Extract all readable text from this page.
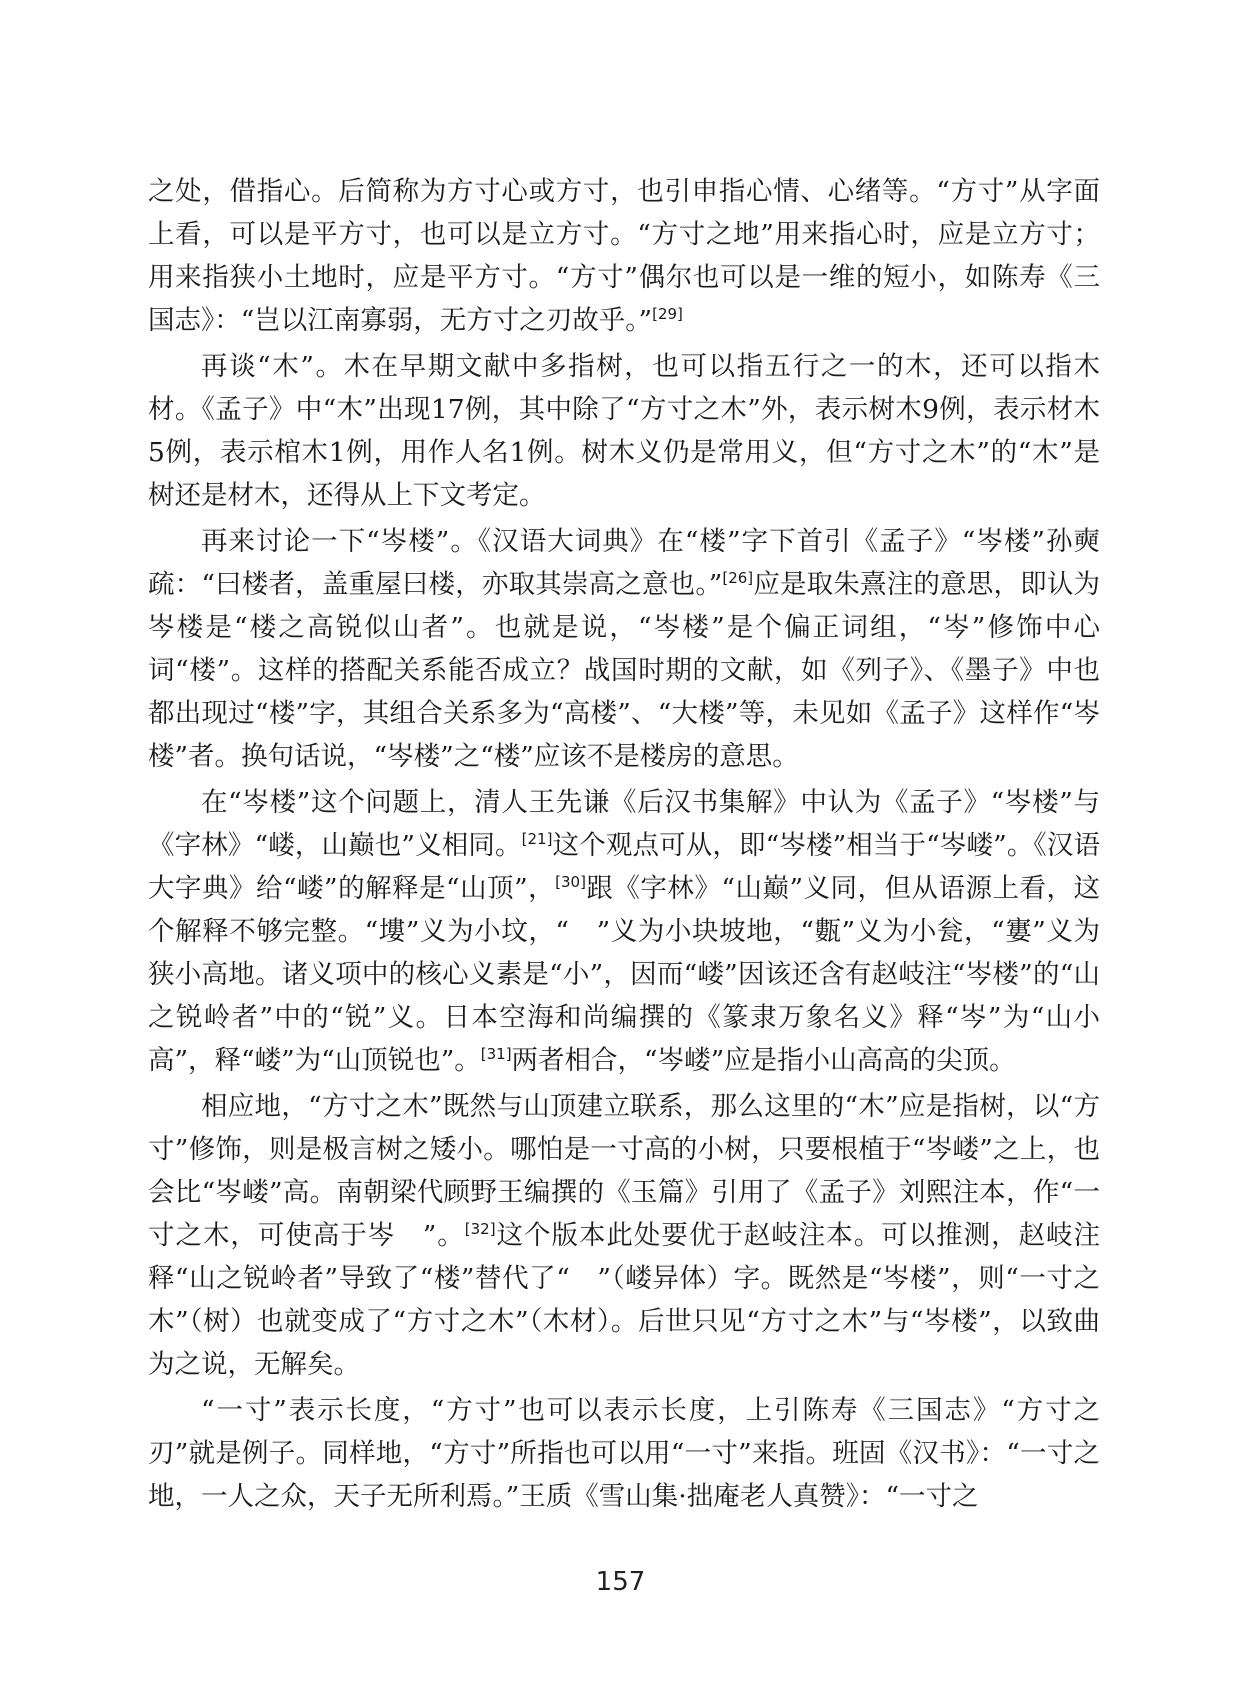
之处，借指心。后简称为方寸心或方寸，也引申指心情、心绪等。“方寸”从字面上看，可以是平方寸，也可以是立方寸。“方寸之地”用来指心时，应是立方寸；用来指狭小土地时，应是平方寸。“方寸”偶尔也可以是一维的短小，如陈寿《三国志》：“岂以江南寡弱，无方寸之刃故乎。”[29]

再谈“木”。木在早期文献中多指树，也可以指五行之一的木，还可以指木材。《孟子》中“木”出现17例，其中除了“方寸之木”外，表示树木9例，表示材木5例，表示棺木1例，用作人名1例。树木义仍是常用义，但“方寸之木”的“木”是树还是材木，还得从上下文考定。

再来讨论一下“岑楼”。《汉语大词典》在“楼”字下首引《孟子》“岑楼”孙奭疏：“曰楼者，盖重屋曰楼，亦取其崇高之意也。”[26]应是取朱熹注的意思，即认为岑楼是“楼之高锐似山者”。也就是说，“岑楼”是个偏正词组，“岑”修饰中心词“楼”。这样的搭配关系能否成立？战国时期的文献，如《列子》、《墨子》中也都出现过“楼”字，其组合关系多为“高楼”、“大楼”等，未见如《孟子》这样作“岑楼”者。换句话说，“岑楼”之“楼”应该不是楼房的意思。

在“岑楼”这个问题上，清人王先谦《后汉书集解》中认为《孟子》“岑楼”与《字林》“嵝，山巅也”义相同。[21]这个观点可从，即“岑楼”相当于“岑嵝”。《汉语大字典》给“嵝”的解释是“山顶”，[30]跟《字林》“山巅”义同，但从语源上看，这个解释不够完整。“塿”义为小坟，“　”义为小块坡地，“甊”义为小瓮，“寠”义为狭小高地。诸义项中的核心义素是“小”，因而“嵝”因该还含有赵岐注“岑楼”的“山之锐岭者”中的“锐”义。日本空海和尚编撰的《篆隶万象名义》释“岑”为“山小高”，释“嵝”为“山顶锐也”。[31]两者相合，“岑嵝”应是指小山高高的尖顶。

相应地，“方寸之木”既然与山顶建立联系，那么这里的“木”应是指树，以“方寸”修饰，则是极言树之矮小。哪怕是一寸高的小树，只要根植于“岑嵝”之上，也会比“岑嵝”高。南朝梁代顾野王编撰的《玉篇》引用了《孟子》刘熙注本，作“一寸之木，可使高于岑　”。[32]这个版本此处要优于赵岐注本。可以推测，赵岐注释“山之锐岭者”导致了“楼”替代了“　”（嵝异体）字。既然是“岑楼”，则“一寸之木”（树）也就变成了“方寸之木”（木材）。后世只见“方寸之木”与“岑楼”，以致曲为之说，无解矣。

“一寸”表示长度，“方寸”也可以表示长度，上引陈寿《三国志》“方寸之刃”就是例子。同样地，“方寸”所指也可以用“一寸”来指。班固《汉书》：“一寸之地，一人之众，天子无所利焉。”王质《雪山集·拙庵老人真赞》：“一寸之

157
